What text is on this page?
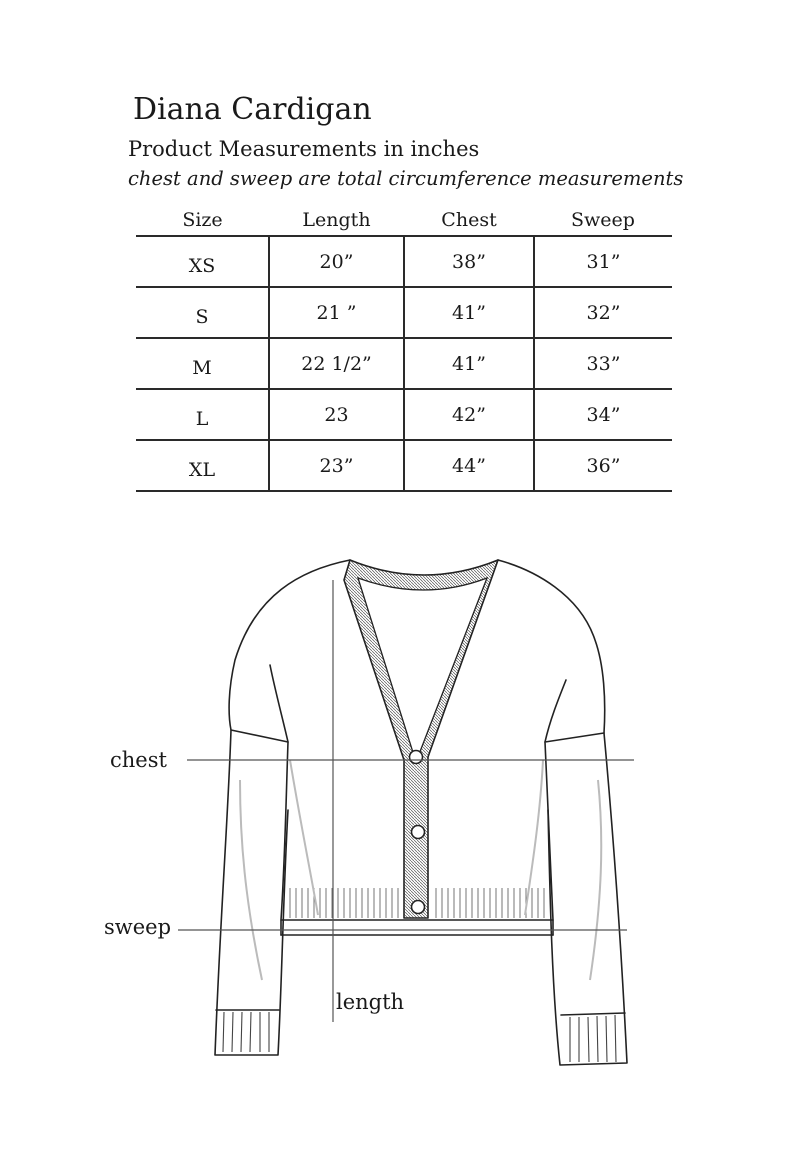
Diana Cardigan
Product Measurements in inches
chest and sweep are total circumference measurements
Size	Length	Chest	Sweep
XS	20”	38”	31”
S	21 ”	41”	32”
M	22 1/2”	41”	33”
L	23	42”	34”
XL	23”	44”	36”
chest
sweep
length
